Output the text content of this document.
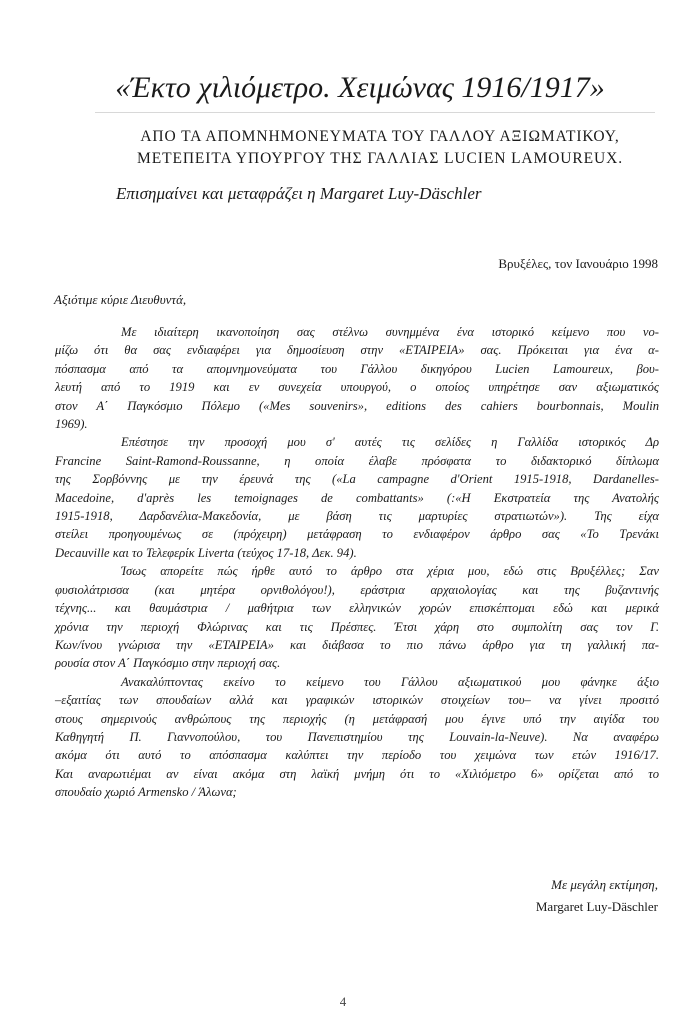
«Έκτο χιλιόμετρο. Χειμώνας 1916/1917»
ΑΠΟ ΤΑ ΑΠΟΜΝΗΜΟΝΕΥΜΑΤΑ ΤΟΥ ΓΑΛΛΟΥ ΑΞΙΩΜΑΤΙΚΟΥ,
ΜΕΤΕΠΕΙΤΑ ΥΠΟΥΡΓΟΥ ΤΗΣ ΓΑΛΛΙΑΣ LUCIEN LAMOUREUX.
Επισημαίνει και μεταφράζει η Margaret Luy-Däschler
Βρυξέλες, τον Ιανουάριο 1998
Αξιότιμε κύριε Διευθυντά,
Με ιδιαίτερη ικανοποίηση σας στέλνω συνημμένα ένα ιστορικό κείμενο που νο-
μίζω ότι θα σας ενδιαφέρει για δημοσίευση στην «ΕΤΑΙΡΕΙΑ» σας. Πρόκειται για ένα α-
πόσπασμα από τα απομνημονεύματα του Γάλλου δικηγόρου Lucien Lamoureux, βου-
λευτή από το 1919 και εν συνεχεία υπουργού, ο οποίος υπηρέτησε σαν αξιωματικός
στον Α΄ Παγκόσμιο Πόλεμο («Mes souvenirs», editions des cahiers bourbonnais, Moulin
1969).
Επέστησε την προσοχή μου σ' αυτές τις σελίδες η Γαλλίδα ιστορικός Δρ
Francine Saint-Ramond-Roussanne, η οποία έλαβε πρόσφατα το διδακτορικό δίπλωμα
της Σορβόννης με την έρευνά της («La campagne d'Orient 1915-1918, Dardanelles-
Macedoine, d'après les temoignages de combattants» (:«Η Εκστρατεία της Ανατολής
1915-1918, Δαρδανέλια-Μακεδονία, με βάση τις μαρτυρίες στρατιωτών»). Της είχα
στείλει προηγουμένως σε (πρόχειρη) μετάφραση το ενδιαφέρον άρθρο σας «Το Τρενάκι
Decauville και το Τελεφερίκ Liverta (τεύχος 17-18, Δεκ. 94).
Ίσως απορείτε πώς ήρθε αυτό το άρθρο στα χέρια μου, εδώ στις Βρυξέλλες; Σαν
φυσιολάτρισσα (και μητέρα ορνιθολόγου!), εράστρια αρχαιολογίας και της βυζαντινής
τέχνης... και θαυμάστρια / μαθήτρια των ελληνικών χορών επισκέπτομαι εδώ και μερικά
χρόνια την περιοχή Φλώρινας και τις Πρέσπες. Έτσι χάρη στο συμπολίτη σας τον Γ.
Κων/ίνου γνώρισα την «ΕΤΑΙΡΕΙΑ» και διάβασα το πιο πάνω άρθρο για τη γαλλική πα-
ρουσία στον Α΄ Παγκόσμιο στην περιοχή σας.
Ανακαλύπτοντας εκείνο το κείμενο του Γάλλου αξιωματικού μου φάνηκε άξιο
–εξαιτίας των σπουδαίων αλλά και γραφικών ιστορικών στοιχείων του– να γίνει προσιτό
στους σημερινούς ανθρώπους της περιοχής (η μετάφρασή μου έγινε υπό την αιγίδα του
Καθηγητή Π. Γιαννοπούλου, του Πανεπιστημίου της Louvain-la-Neuve). Να αναφέρω
ακόμα ότι αυτό το απόσπασμα καλύπτει την περίοδο του χειμώνα των ετών 1916/17.
Και αναρωτιέμαι αν είναι ακόμα στη λαϊκή μνήμη ότι το «Χιλιόμετρο 6» ορίζεται από το
σπουδαίο χωριό Armensko / Άλωνα;
Με μεγάλη εκτίμηση,
Margaret Luy-Däschler
4
